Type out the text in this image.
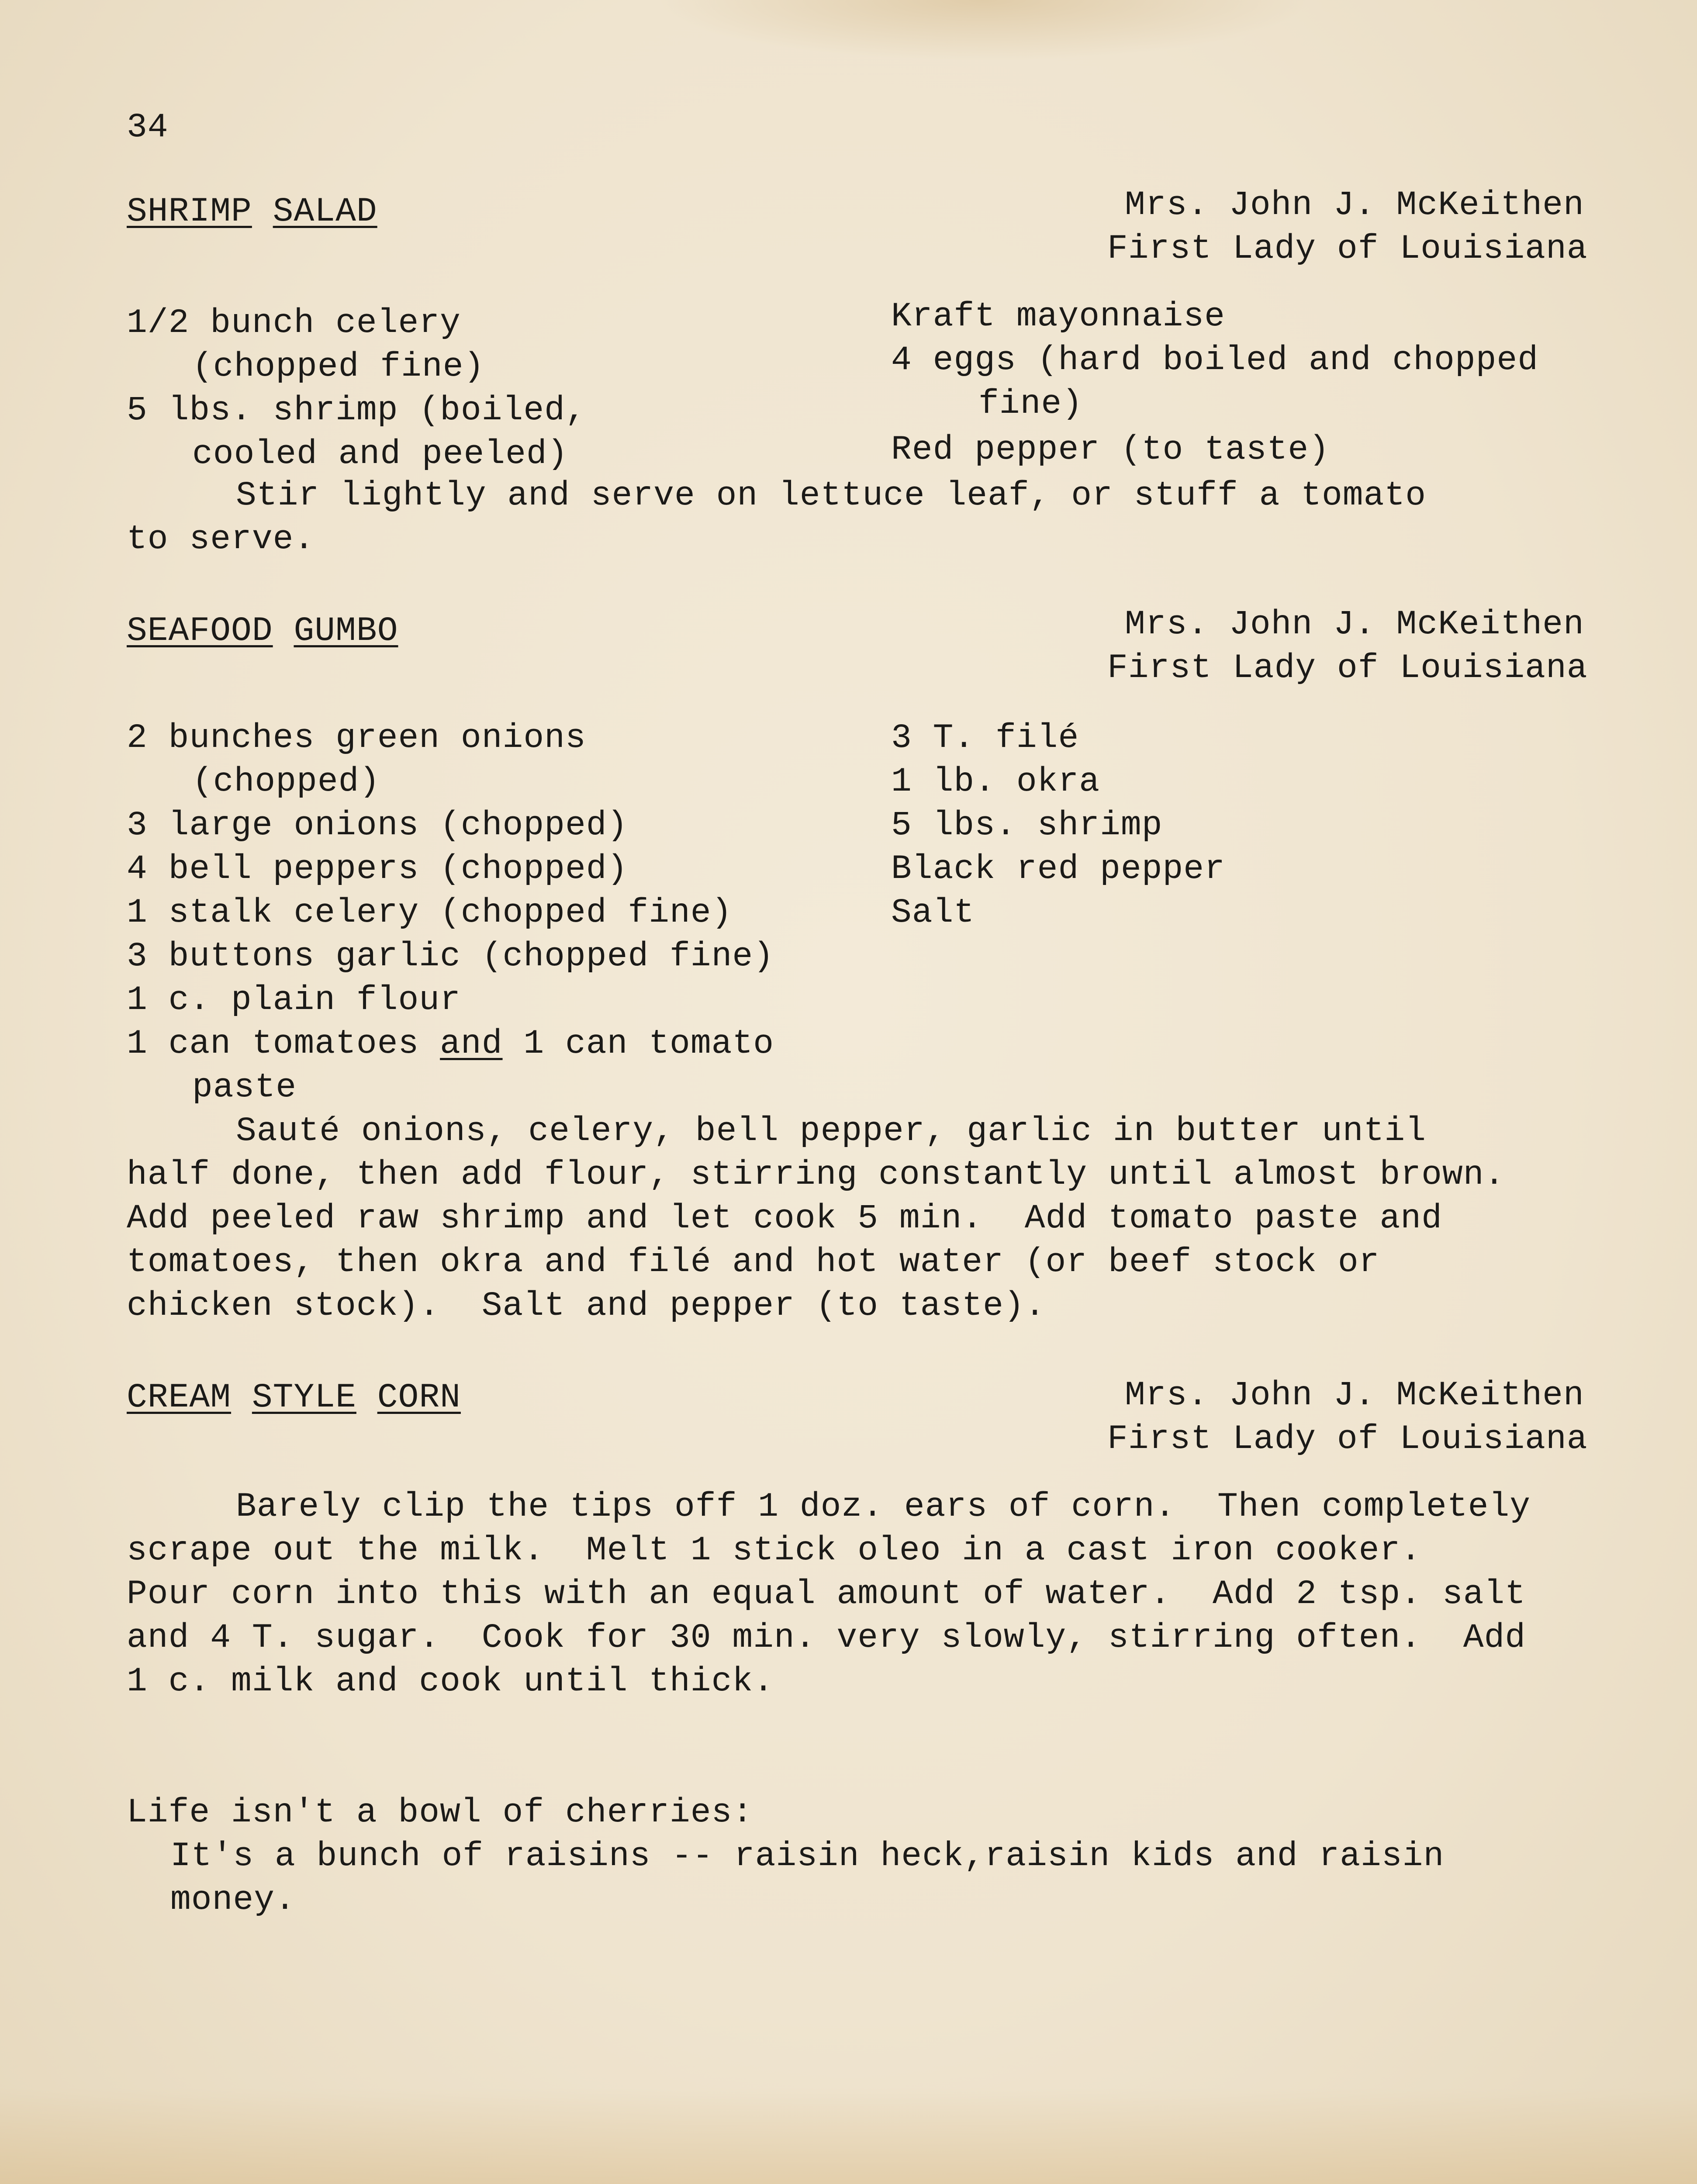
34
SHRIMP SALAD	Mrs. John J. McKeithen
First Lady of Louisiana
1/2 bunch celery
(chopped fine)
5 lbs. shrimp (boiled,
cooled and peeled)
Kraft mayonnaise
4 eggs (hard boiled and chopped
fine)
Red pepper (to taste)
Stir lightly and serve on lettuce leaf, or stuff a tomato
to serve.
SEAFOOD GUMBO	Mrs. John J. McKeithen
First Lady of Louisiana
2 bunches green onions
(chopped)
3 large onions (chopped)
4 bell peppers (chopped)
1 stalk celery (chopped fine)
3 buttons garlic (chopped fine)
1 c. plain flour
1 can tomatoes and 1 can tomato
paste
3 T. filé
1 lb. okra
5 lbs. shrimp
Black red pepper
Salt
Sauté onions, celery, bell pepper, garlic in butter until
half done, then add flour, stirring constantly until almost brown.
Add peeled raw shrimp and let cook 5 min.  Add tomato paste and
tomatoes, then okra and filé and hot water (or beef stock or
chicken stock).  Salt and pepper (to taste).
CREAM STYLE CORN	Mrs. John J. McKeithen
First Lady of Louisiana
Barely clip the tips off 1 doz. ears of corn.  Then completely
scrape out the milk.  Melt 1 stick oleo in a cast iron cooker.
Pour corn into this with an equal amount of water.  Add 2 tsp. salt
and 4 T. sugar.  Cook for 30 min. very slowly, stirring often.  Add
1 c. milk and cook until thick.
Life isn't a bowl of cherries:
It's a bunch of raisins -- raisin heck,raisin kids and raisin
money.
